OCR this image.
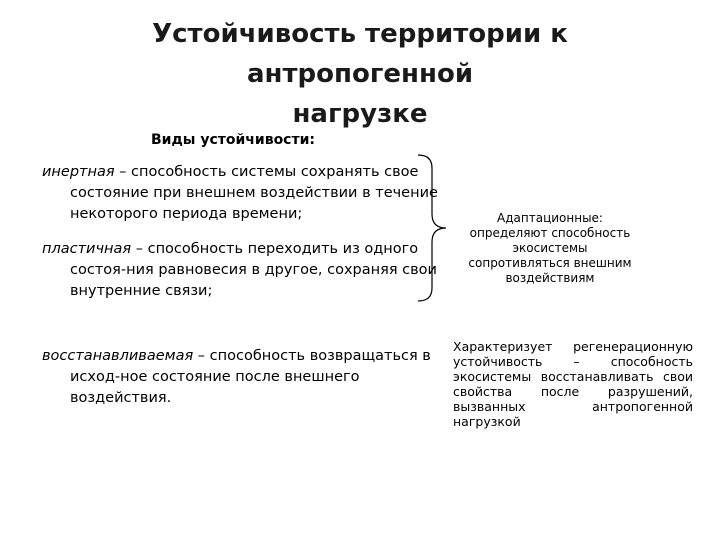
Устойчивость территории к антропогенной
нагрузке
Виды устойчивости:
инертная – способность системы сохранять свое состояние при внешнем воздействии в течение некоторого периода времени;
пластичная – способность переходить из одного состоя-ния равновесия в другое, сохраняя свои внутренние связи;
восстанавливаемая – способность возвращаться в исход-ное состояние после внешнего воздействия.
Адаптационные: определяют способность экосистемы сопротивляться внешним воздействиям
Характеризует регенерационную устойчивость – способность экосистемы восстанавливать свои свойства после разрушений, вызванных антропогенной нагрузкой
